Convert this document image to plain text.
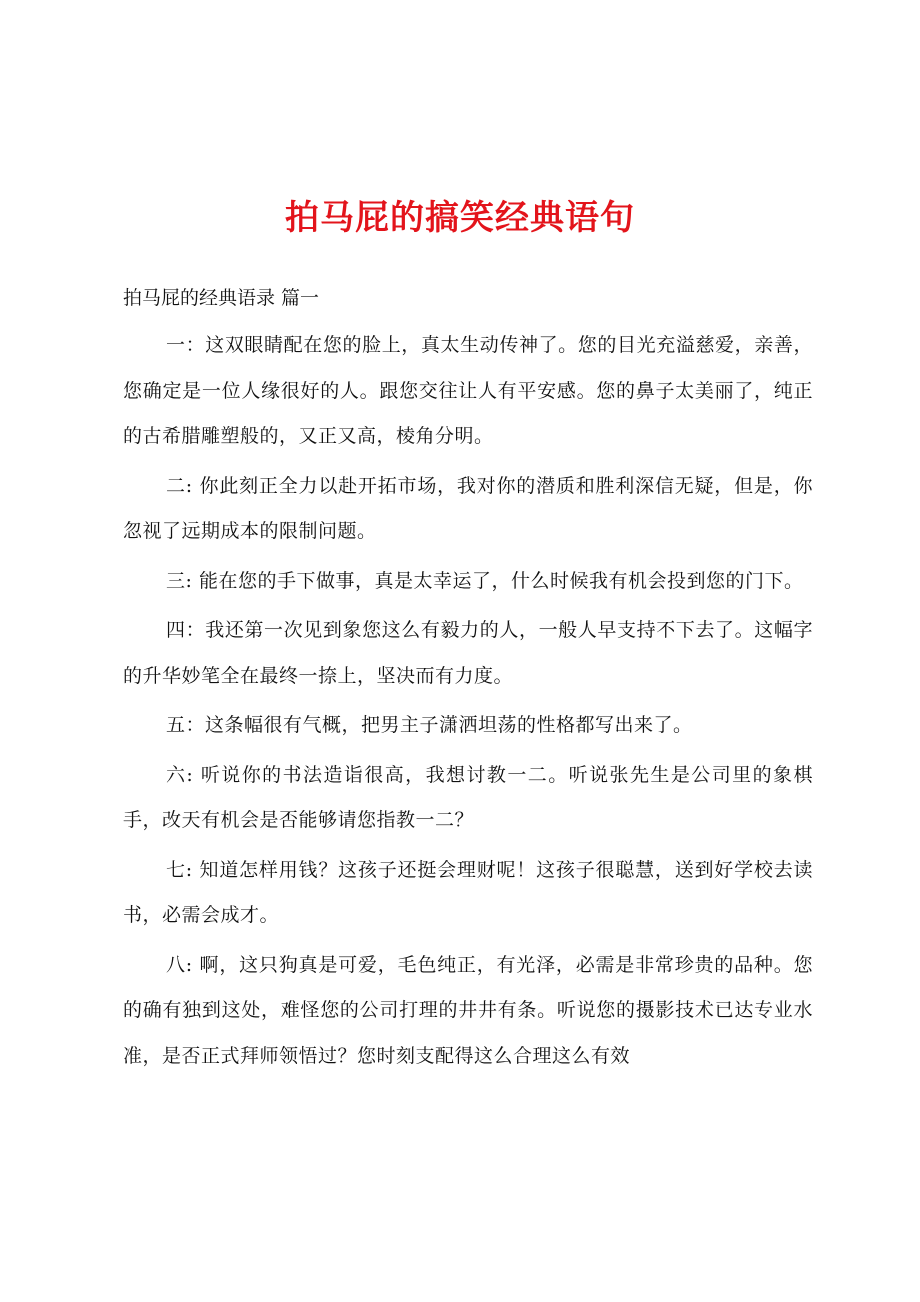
拍马屁的搞笑经典语句

拍马屁的经典语录 篇一

一：这双眼睛配在您的脸上，真太生动传神了。您的目光充溢慈爱，亲善，您确定是一位人缘很好的人。跟您交往让人有平安感。您的鼻子太美丽了，纯正的古希腊雕塑般的，又正又高，棱角分明。

二: 你此刻正全力以赴开拓市场，我对你的潜质和胜利深信无疑，但是，你忽视了远期成本的限制问题。

三: 能在您的手下做事，真是太幸运了，什么时候我有机会投到您的门下。

四：我还第一次见到象您这么有毅力的人，一般人早支持不下去了。这幅字的升华妙笔全在最终一捺上，坚决而有力度。

五：这条幅很有气概，把男主子潇洒坦荡的性格都写出来了。

六: 听说你的书法造诣很高，我想讨教一二。听说张先生是公司里的象棋手，改天有机会是否能够请您指教一二？

七: 知道怎样用钱？这孩子还挺会理财呢！这孩子很聪慧，送到好学校去读书，必需会成才。

八: 啊，这只狗真是可爱，毛色纯正，有光泽，必需是非常珍贵的品种。您的确有独到这处，难怪您的公司打理的井井有条。听说您的摄影技术已达专业水准，是否正式拜师领悟过？您时刻支配得这么合理这么有效
